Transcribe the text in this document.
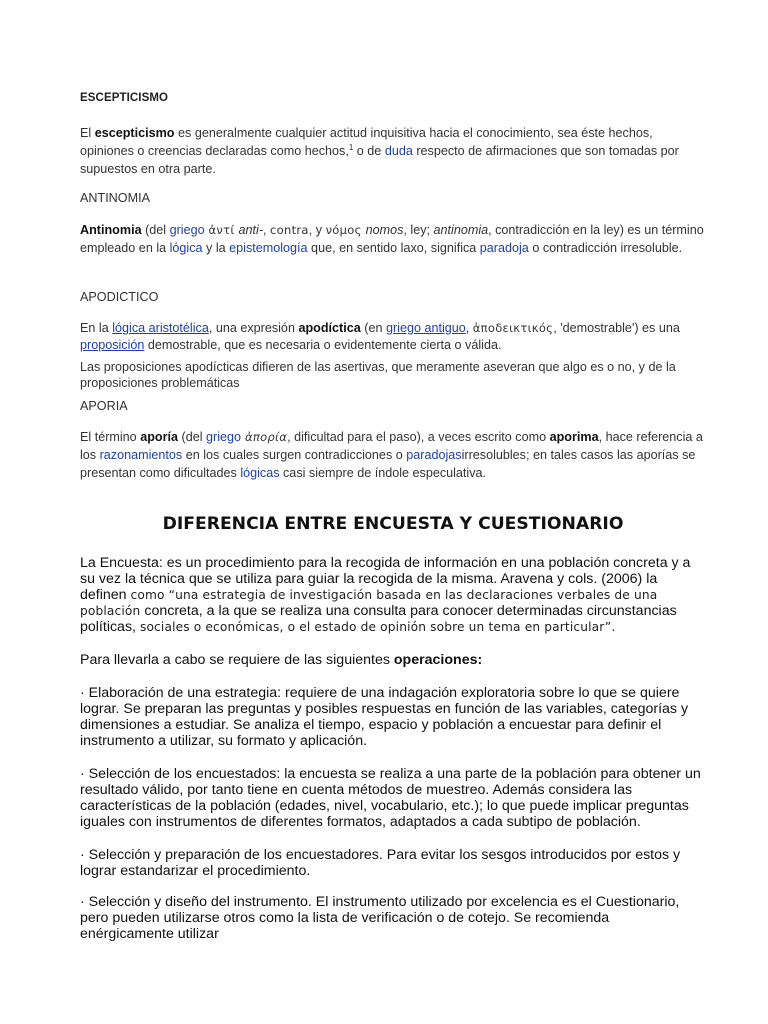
ESCEPTICISMO
El escepticismo es generalmente cualquier actitud inquisitiva hacia el conocimiento, sea éste hechos, opiniones o creencias declaradas como hechos,$^1$ o de duda respecto de afirmaciones que son tomadas por supuestos en otra parte.
ANTINOMIA
Antinomia (del griego ἀντί anti-, contra, y νόμος nomos, ley; antinomia, contradicción en la ley) es un término empleado en la lógica y la epistemología que, en sentido laxo, significa paradoja o contradicción irresoluble.
APODICTICO
En la lógica aristotélica, una expresión apodíctica (en griego antiguo, ἀποδεικτικός, 'demostrable') es una proposición demostrable, que es necesaria o evidentemente cierta o válida.
Las proposiciones apodícticas difieren de las asertivas, que meramente aseveran que algo es o no, y de la proposiciones problemáticas
APORIA
El término aporía (del griego ἀπορία, dificultad para el paso), a veces escrito como aporima, hace referencia a los razonamientos en los cuales surgen contradicciones o paradojasirresolubles; en tales casos las aporías se presentan como dificultades lógicas casi siempre de índole especulativa.
DIFERENCIA ENTRE ENCUESTA Y CUESTIONARIO
La Encuesta: es un procedimiento para la recogida de información en una población concreta y a su vez la técnica que se utiliza para guiar la recogida de la misma. Aravena y cols. (2006) la definen como “una estrategia de investigación basada en las declaraciones verbales de una población concreta, a la que se realiza una consulta para conocer determinadas circunstancias políticas, sociales o económicas, o el estado de opinión sobre un tema en particular”.
Para llevarla a cabo se requiere de las siguientes operaciones:
· Elaboración de una estrategia: requiere de una indagación exploratoria sobre lo que se quiere lograr. Se preparan las preguntas y posibles respuestas en función de las variables, categorías y dimensiones a estudiar. Se analiza el tiempo, espacio y población a encuestar para definir el instrumento a utilizar, su formato y aplicación.
· Selección de los encuestados: la encuesta se realiza a una parte de la población para obtener un resultado válido, por tanto tiene en cuenta métodos de muestreo. Además considera las características de la población (edades, nivel, vocabulario, etc.); lo que puede implicar preguntas iguales con instrumentos de diferentes formatos, adaptados a cada subtipo de población.
· Selección y preparación de los encuestadores. Para evitar los sesgos introducidos por estos y lograr estandarizar el procedimiento.
· Selección y diseño del instrumento. El instrumento utilizado por excelencia es el Cuestionario, pero pueden utilizarse otros como la lista de verificación o de cotejo. Se recomienda enérgicamente utilizar
